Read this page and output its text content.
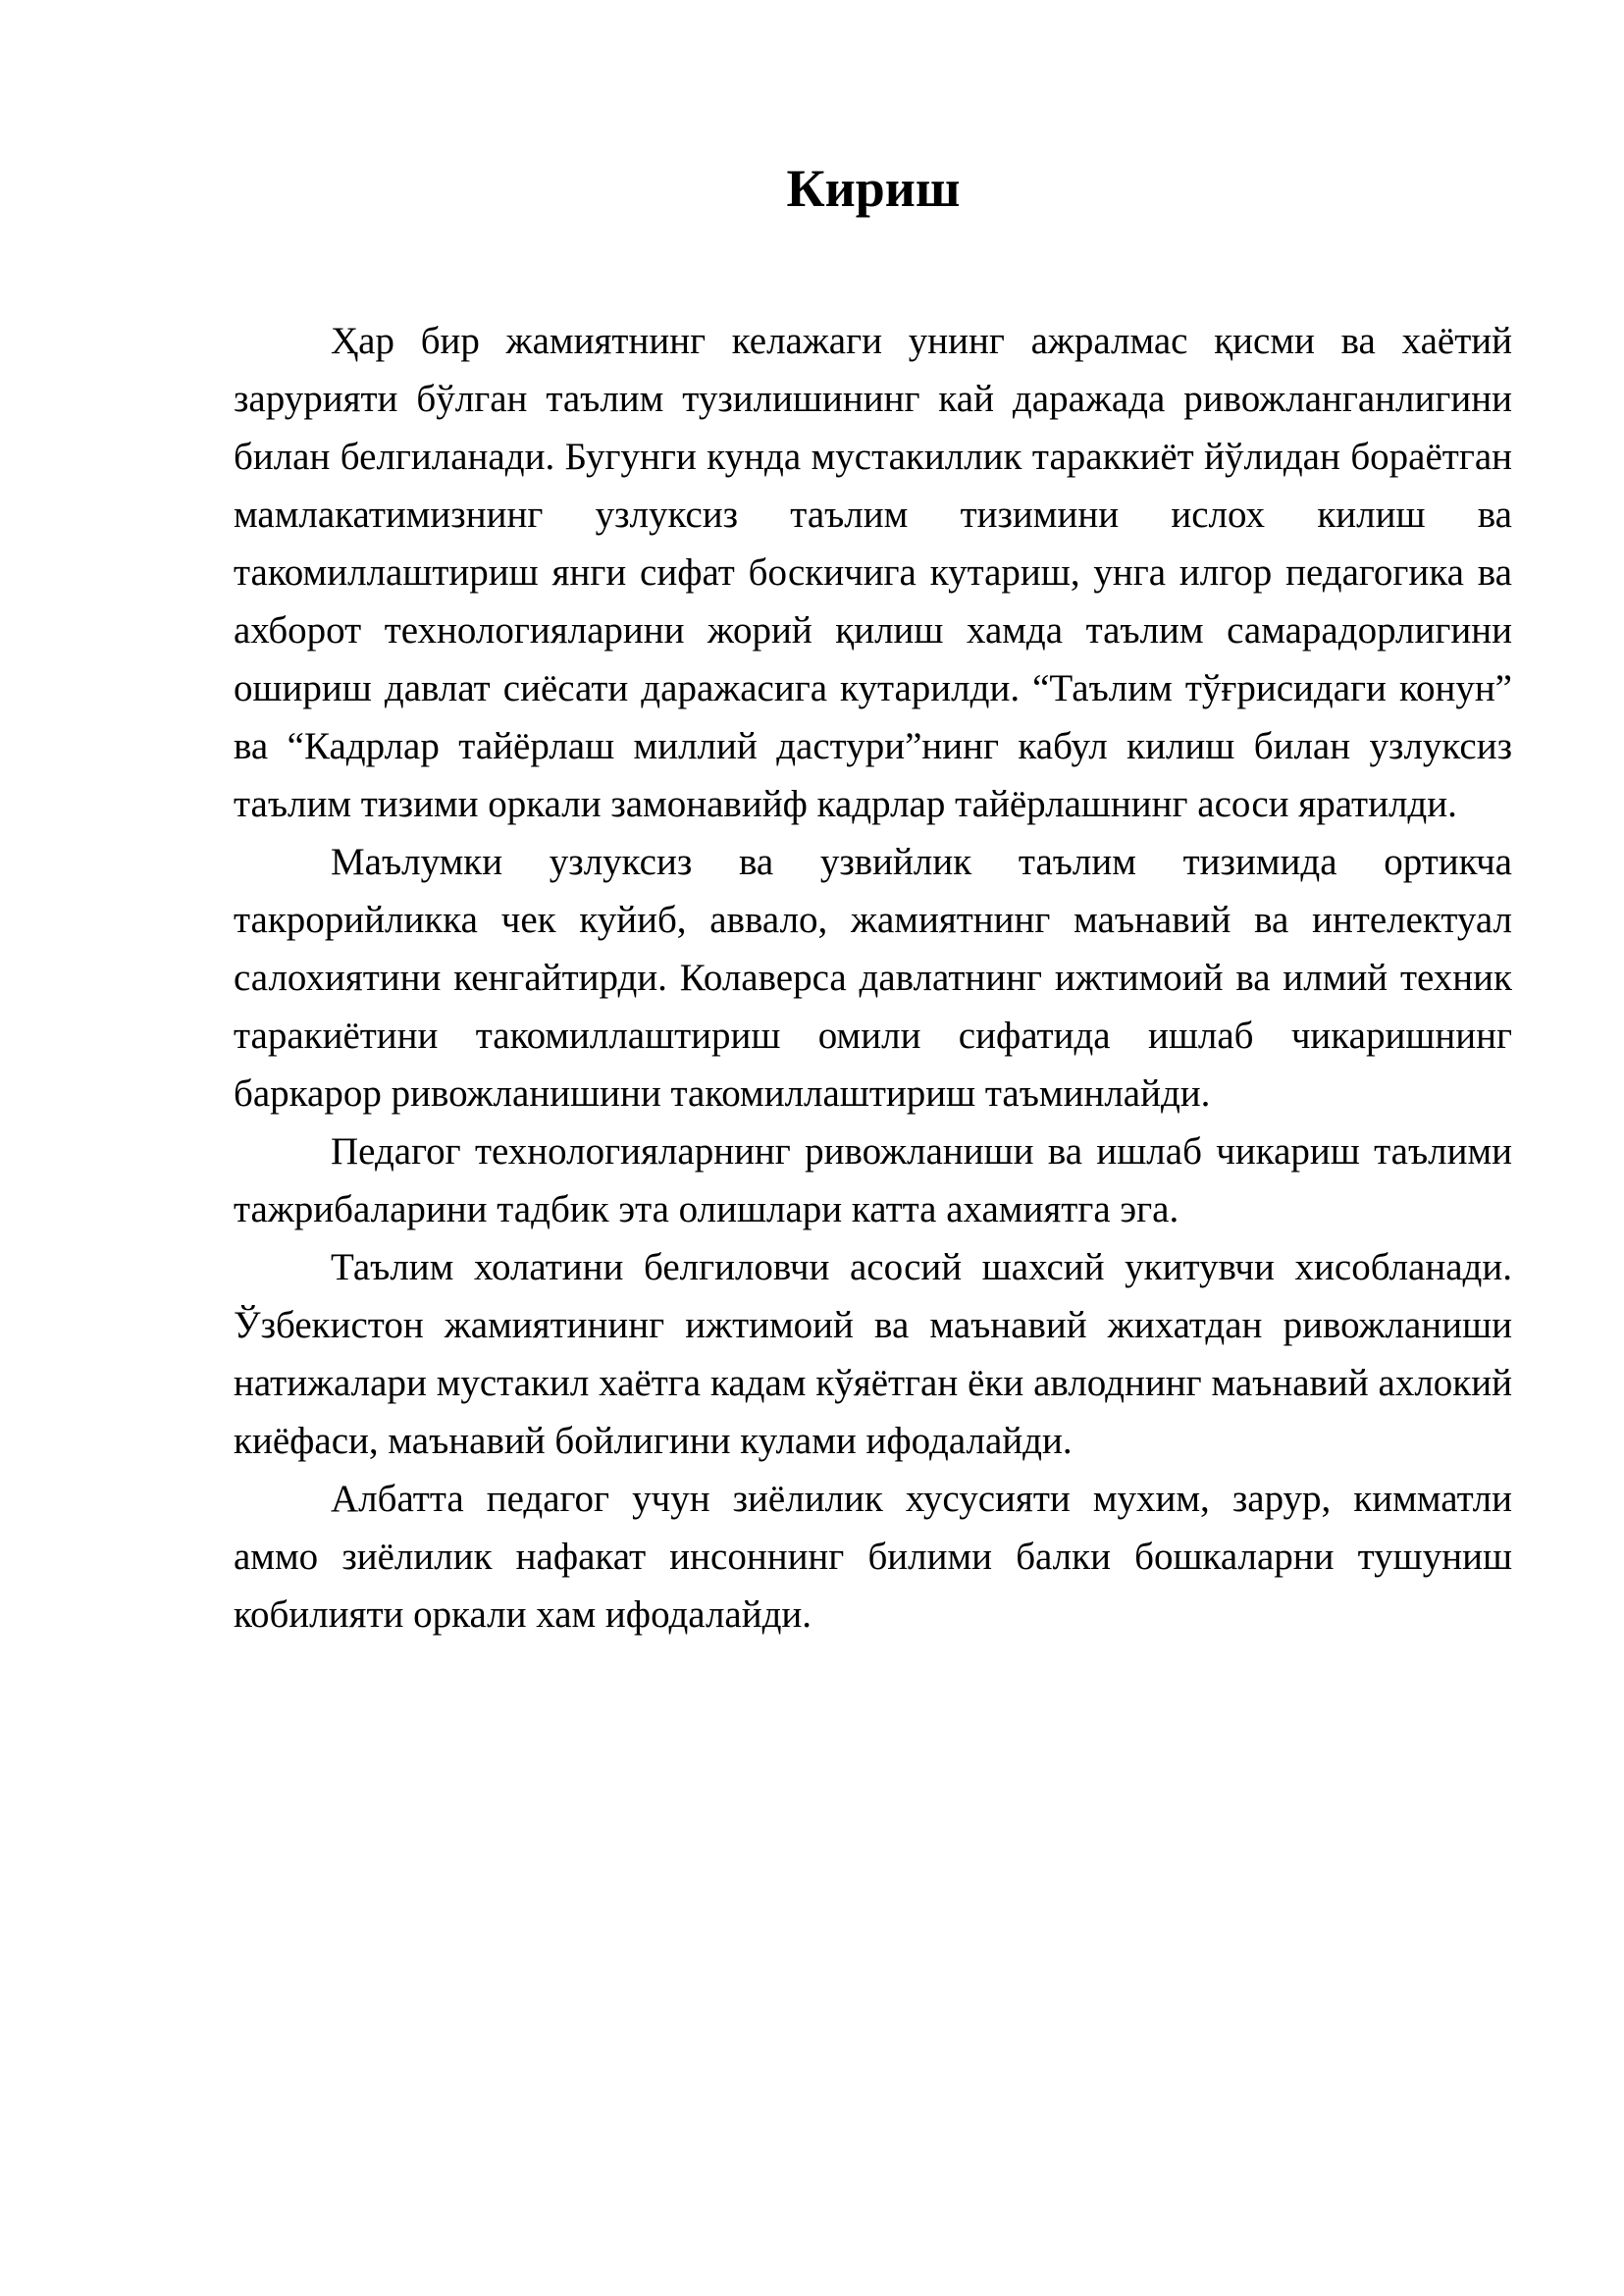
Кириш

Ҳар бир жамиятнинг келажаги унинг ажралмас қисми ва хаётий зарурияти бўлган таълим тузилишининг кай даражада ривожланганлигини билан белгиланади. Бугунги кунда мустакиллик тараккиёт йўлидан бораётган мамлакатимизнинг узлуксиз таълим тизимини ислох килиш ва такомиллаштириш янги сифат боскичига кутариш, унга илгор педагогика ва ахборот технологияларини жорий қилиш хамда таълим самарадорлигини ошириш давлат сиёсати даражасига кутарилди. “Таълим тўғрисидаги конун” ва “Кадрлар тайёрлаш миллий дастури”нинг кабул килиш билан узлуксиз таълим тизими оркали замонавийф кадрлар тайёрлашнинг асоси яратилди.

Маълумки узлуксиз ва узвийлик таълим тизимида ортикча такрорийликка чек куйиб, аввало, жамиятнинг маънавий ва интелектуал салохиятини кенгайтирди. Колаверса давлатнинг ижтимоий ва илмий техник таракиётини такомиллаштириш омили сифатида ишлаб чикаришнинг баркарор ривожланишини такомиллаштириш таъминлайди.

Педагог технологияларнинг ривожланиши ва ишлаб чикариш таълими тажрибаларини тадбик эта олишлари катта ахамиятга эга.

Таълим холатини белгиловчи асосий шахсий укитувчи хисобланади. Ўзбекистон жамиятининг ижтимоий ва маънавий жихатдан ривожланиши натижалари мустакил хаётга кадам кўяётган ёки авлоднинг маънавий ахлокий киёфаси, маънавий бойлигини кулами ифодалайди.

Албатта педагог учун зиёлилик хусусияти мухим, зарур, кимматли аммо зиёлилик нафакат инсоннинг билими балки бошкаларни тушуниш кобилияти оркали хам ифодалайди.
